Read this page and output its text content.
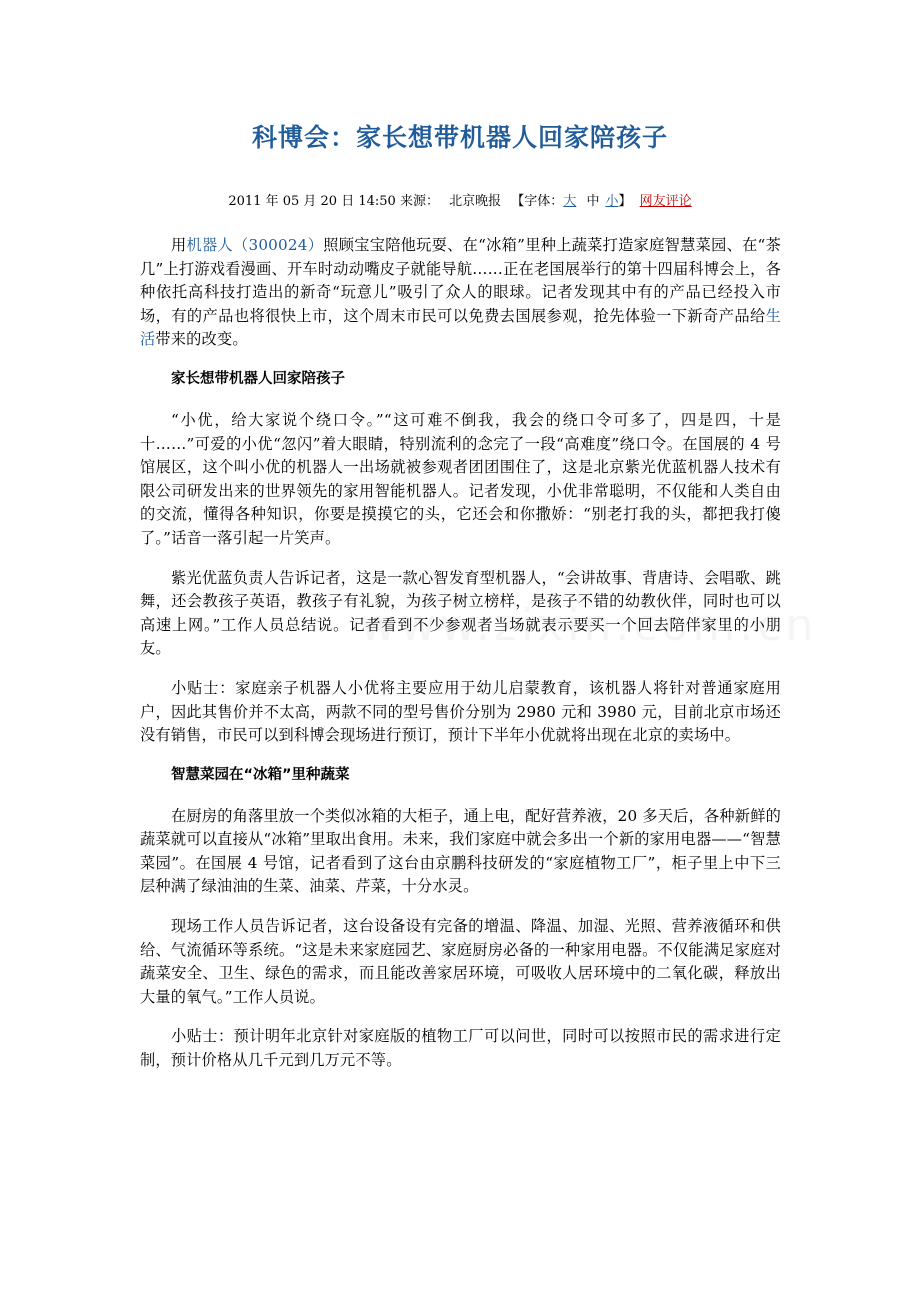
科博会：家长想带机器人回家陪孩子
2011 年 05 月 20 日 14:50 来源： 北京晚报 【字体：大 中 小】 网友评论

用机器人（300024）照顾宝宝陪他玩耍、在“冰箱”里种上蔬菜打造家庭智慧菜园、在“茶几”上打游戏看漫画、开车时动动嘴皮子就能导航……正在老国展举行的第十四届科博会上，各种依托高科技打造出的新奇“玩意儿”吸引了众人的眼球。记者发现其中有的产品已经投入市场，有的产品也将很快上市，这个周末市民可以免费去国展参观，抢先体验一下新奇产品给生活带来的改变。

家长想带机器人回家陪孩子

“小优，给大家说个绕口令。”“这可难不倒我，我会的绕口令可多了，四是四，十是十……”可爱的小优“忽闪”着大眼睛，特别流利的念完了一段“高难度”绕口令。在国展的 4 号馆展区，这个叫小优的机器人一出场就被参观者团团围住了，这是北京紫光优蓝机器人技术有限公司研发出来的世界领先的家用智能机器人。记者发现，小优非常聪明，不仅能和人类自由的交流，懂得各种知识，你要是摸摸它的头，它还会和你撒娇：“别老打我的头，都把我打傻了。”话音一落引起一片笑声。

紫光优蓝负责人告诉记者，这是一款心智发育型机器人，“会讲故事、背唐诗、会唱歌、跳舞，还会教孩子英语，教孩子有礼貌，为孩子树立榜样，是孩子不错的幼教伙伴，同时也可以高速上网。”工作人员总结说。记者看到不少参观者当场就表示要买一个回去陪伴家里的小朋友。

小贴士：家庭亲子机器人小优将主要应用于幼儿启蒙教育，该机器人将针对普通家庭用户，因此其售价并不太高，两款不同的型号售价分别为 2980 元和 3980 元，目前北京市场还没有销售，市民可以到科博会现场进行预订，预计下半年小优就将出现在北京的卖场中。

智慧菜园在“冰箱”里种蔬菜

在厨房的角落里放一个类似冰箱的大柜子，通上电，配好营养液，20 多天后，各种新鲜的蔬菜就可以直接从“冰箱”里取出食用。未来，我们家庭中就会多出一个新的家用电器——“智慧菜园”。在国展 4 号馆，记者看到了这台由京鹏科技研发的“家庭植物工厂”，柜子里上中下三层种满了绿油油的生菜、油菜、芹菜，十分水灵。

现场工作人员告诉记者，这台设备设有完备的增温、降温、加湿、光照、营养液循环和供给、气流循环等系统。“这是未来家庭园艺、家庭厨房必备的一种家用电器。不仅能满足家庭对蔬菜安全、卫生、绿色的需求，而且能改善家居环境，可吸收人居环境中的二氧化碳，释放出大量的氧气。”工作人员说。

小贴士：预计明年北京针对家庭版的植物工厂可以问世，同时可以按照市民的需求进行定制，预计价格从几千元到几万元不等。
